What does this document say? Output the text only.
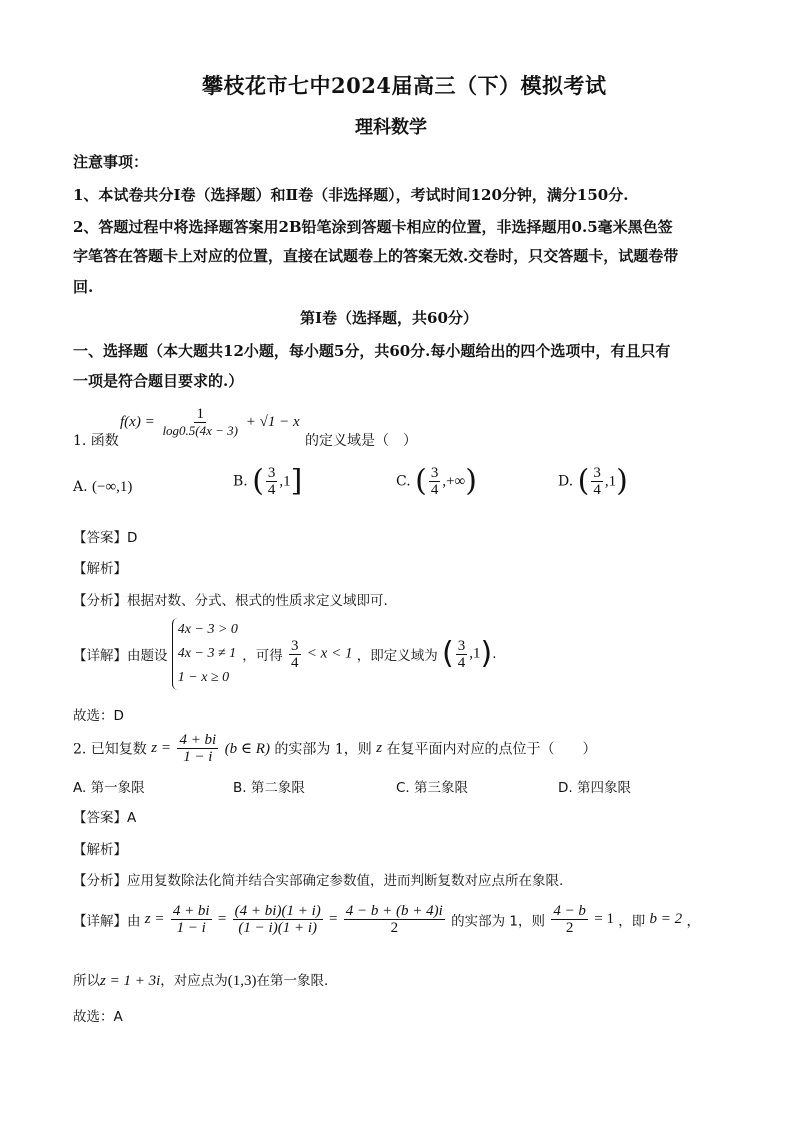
攀枝花市七中2024届高三（下）模拟考试
理科数学
注意事项：
1、本试卷共分Ⅰ卷（选择题）和Ⅱ卷（非选择题），考试时间120分钟，满分150分.
2、答题过程中将选择题答案用2B铅笔涂到答题卡相应的位置，非选择题用0.5毫米黑色签
字笔答在答题卡上对应的位置，直接在试题卷上的答案无效.交卷时，只交答题卡，试题卷带
回.
第Ⅰ卷（选择题，共60分）
一、选择题（本大题共12小题，每小题5分，共60分.每小题给出的四个选项中，有且只有
一项是符合题目要求的.）
1. 函数
$f(x) = \frac{1}{\log 0.5(4x - 3)} + √1 - x$
的定义域是（　）
A. (−∞,1)	B. ( $\frac{3}{4} ,1$]	C. ( $\frac{3}{4}$ ,+∞)	D. ( $\frac{3}{4} ,1$)
【答案】D
【解析】
【分析】根据对数、分式、根式的性质求定义域即可.
【详解】由题设
4x − 3 > 0
4x − 3 ≠ 1
1 − x ≥ 0
，可得 $\frac{3}{4} < x < 1$ ，即定义域为 ( $\frac{3}{4} ,1$).
故选：D
2. 已知复数 $z = \frac{4 + bi}{1 - i} (b$ ∈ R) 的实部为 1，则 z 在复平面内对应的点位于（　　）
A. 第一象限	B. 第二象限	C. 第三象限	D. 第四象限
【答案】A
【解析】
【分析】应用复数除法化简并结合实部确定参数值，进而判断复数对应点所在象限.
【详解】由 $z = \frac{4 + bi}{1 - i} = \frac{(4 + bi)(1 + i)}{(1 - i)(1 + i)} = \frac{4 - b + (b + 4)i}{2}$ 的实部为 1，则 $\frac{4 - b}{2} = 1$ ，即 b = 2 ，
所以z = 1 + 3i，对应点为(1,3)在第一象限.
故选：A
